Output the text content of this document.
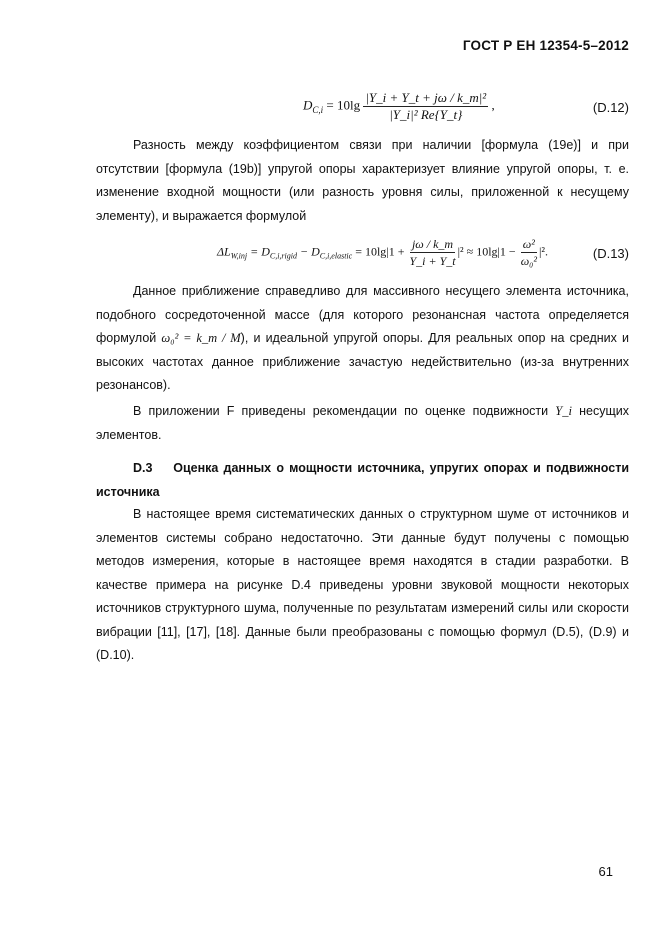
ГОСТ Р ЕН 12354-5–2012
$D_{C,i} = 10\lg \frac{\text{|Y\_i + Y\_t + jω / k\_m|²}}{\text{|Y\_i|² Re\{Y\_t\}}}$ ,	(D.12)

Разность между коэффициентом связи при наличии [формула (19e)] и при отсутствии [формула (19b)] упругой опоры характеризует влияние упругой опоры, т. е. изменение входной мощности (или разность уровня силы, приложенной к несущему элементу), и выражается формулой

$\Delta L_{W,inj} = D_{C,i,rigid} - D_{C,i,elastic} = 10\lg|1 + \frac{j\omega / k\_m}{Y\_i + Y\_t} |^2 \approx 10\lg|1 - \frac{\text{ω²}}{\text{ω₀²}} |^2$.	(D.13)

Данное приближение справедливо для массивного несущего элемента источника, подобного сосредоточенной массе (для которого резонансная частота определяется формулой ω₀² = k_m / M), и идеальной упругой опоры. Для реальных опор на средних и высоких частотах данное приближение зачастую недействительно (из-за внутренних резонансов).

В приложении F приведены рекомендации по оценке подвижности Y_i несущих элементов.

D.3 Оценка данных о мощности источника, упругих опорах и подвижности источника

В настоящее время систематических данных о структурном шуме от источников и элементов системы собрано недостаточно. Эти данные будут получены с помощью методов измерения, которые в настоящее время находятся в стадии разработки. В качестве примера на рисунке D.4 приведены уровни звуковой мощности некоторых источников структурного шума, полученные по результатам измерений силы или скорости вибрации [11], [17], [18]. Данные были преобразованы с помощью формул (D.5), (D.9) и (D.10).

61
